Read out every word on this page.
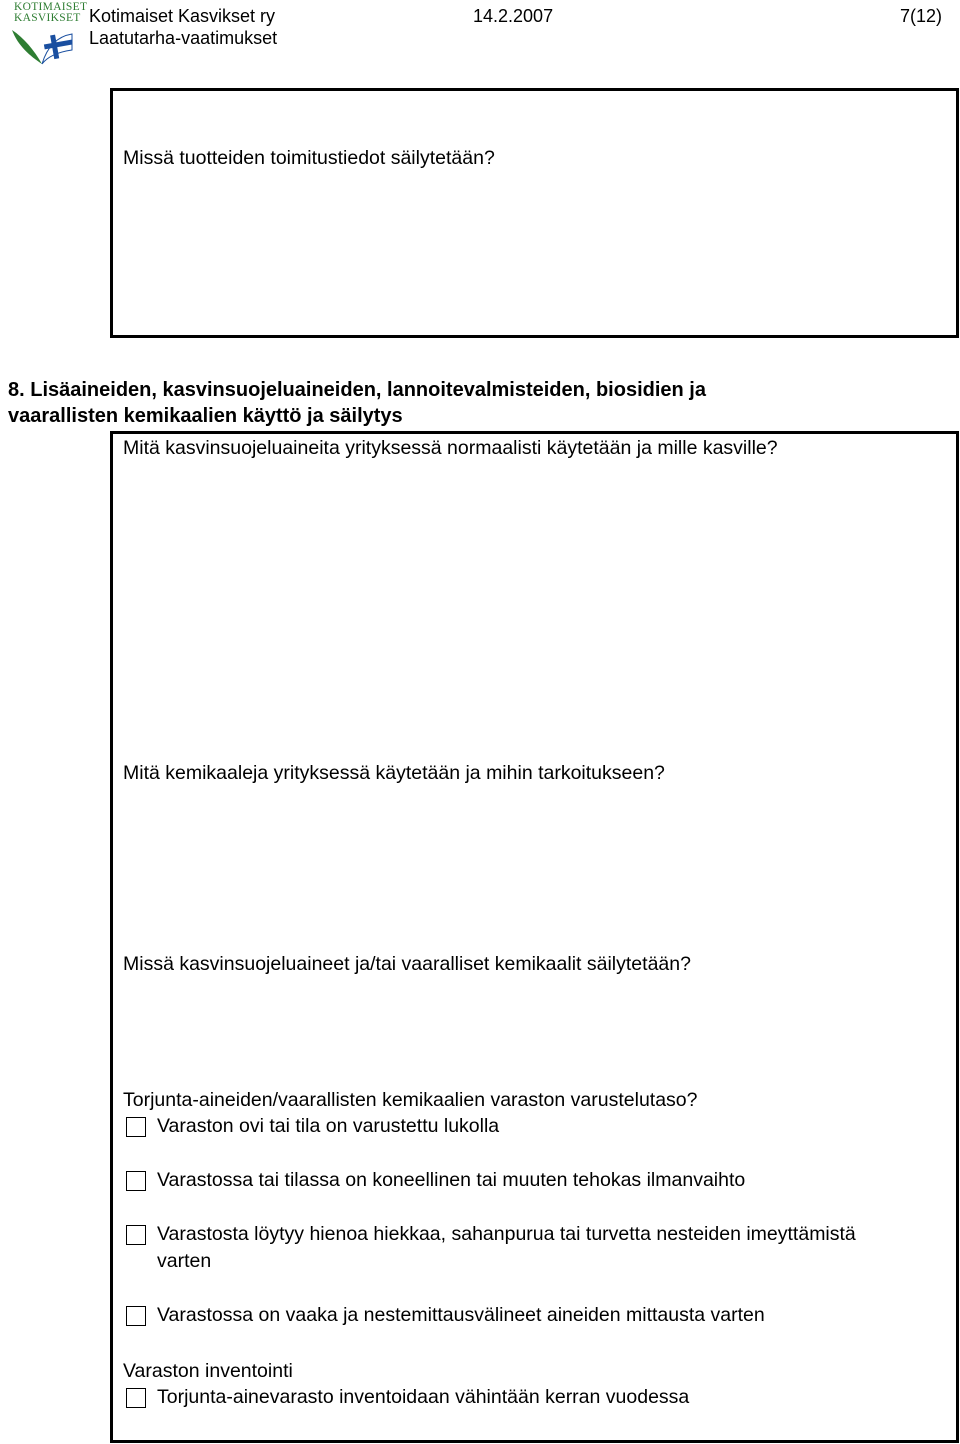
KOTIMAISET
KASVIKSET Kotimaiset Kasvikset ry
Laatutarha-vaatimukset
14.2.2007	7(12)
Missä tuotteiden toimitustiedot säilytetään?
8. Lisäaineiden, kasvinsuojeluaineiden, lannoitevalmisteiden, biosidien ja
vaarallisten kemikaalien käyttö ja säilytys
Mitä kasvinsuojeluaineita yrityksessä normaalisti käytetään ja mille kasville?
Mitä kemikaaleja yrityksessä käytetään ja mihin tarkoitukseen?
Missä kasvinsuojeluaineet ja/tai vaaralliset kemikaalit säilytetään?
Torjunta-aineiden/vaarallisten kemikaalien varaston varustelutaso?
Varaston ovi tai tila on varustettu lukolla
Varastossa tai tilassa on koneellinen tai muuten tehokas ilmanvaihto
Varastosta löytyy hienoa hiekkaa, sahanpurua tai turvetta nesteiden imeyttämistä varten
Varastossa on vaaka ja nestemittausvälineet aineiden mittausta varten
Varaston inventointi
Torjunta-ainevarasto inventoidaan vähintään kerran vuodessa
